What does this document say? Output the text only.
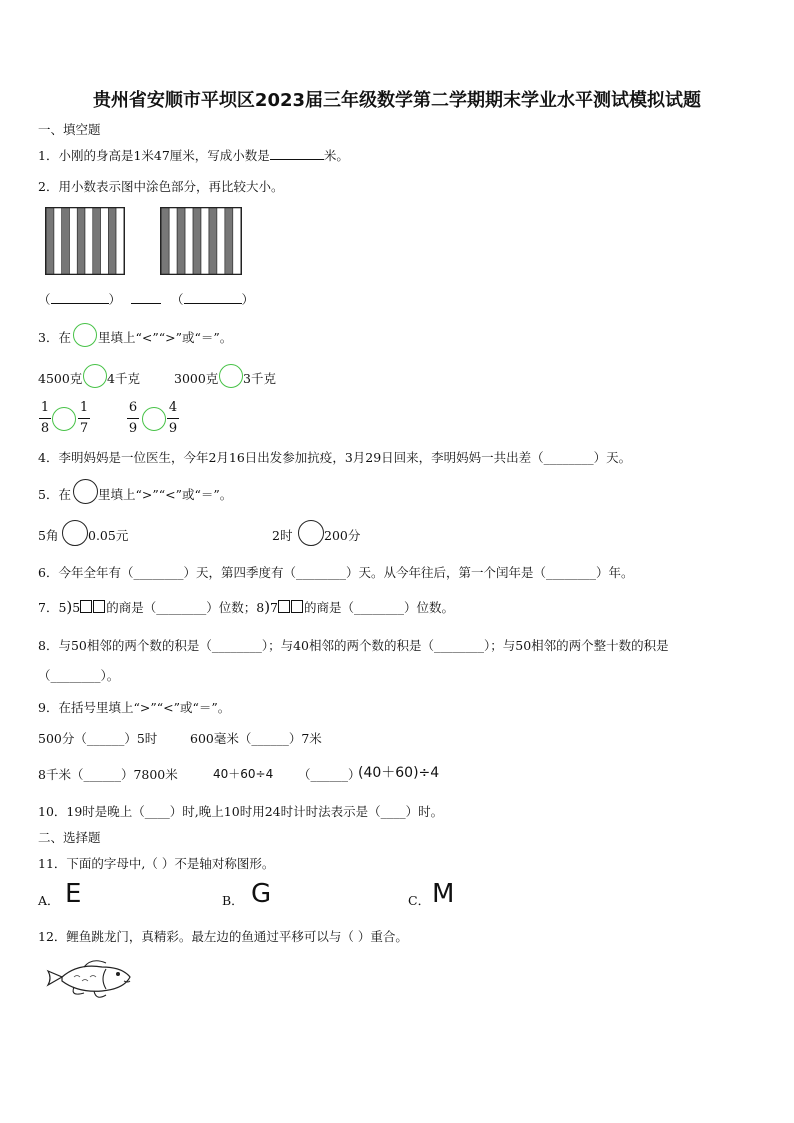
贵州省安顺市平坝区2023届三年级数学第二学期期末学业水平测试模拟试题
一、填空题
1．小刚的身高是1米47厘米，写成小数是	米。
2．用小数表示图中涂色部分，再比较大小。
（	）	（	）
3．在 里填上“<”“>”或“＝”。
4500克 4千克	3000克 3千克
1
8
1
7
6
9
4
9
4．李明妈妈是一位医生，今年2月16日出发参加抗疫，3月29日回来，李明妈妈一共出差（________）天。
5．在 里填上“>”“<”或“＝”。
5角 0.05元	2时	200分
6．今年全年有（________）天，第四季度有（________）天。从今年往后，第一个闰年是（________）年。
7．5)5 的商是（________）位数；8)7 的商是（________）位数。
8．与50相邻的两个数的积是（________）；与40相邻的两个数的积是（________）；与50相邻的两个整十数的积是
（________）。
9．在括号里填上“>”“<”或“＝”。
500分（______）5时	600毫米（______）7米
8千米（______）7800米	40＋60÷4 （______）
(40＋60)÷4
10．19时是晚上（____）时,晚上10时用24时计时法表示是（____）时。
二、选择题
11．下面的字母中,（ ）不是轴对称图形。
A． E	B． G	C． M
12．鲤鱼跳龙门，真精彩。最左边的鱼通过平移可以与（ ）重合。
